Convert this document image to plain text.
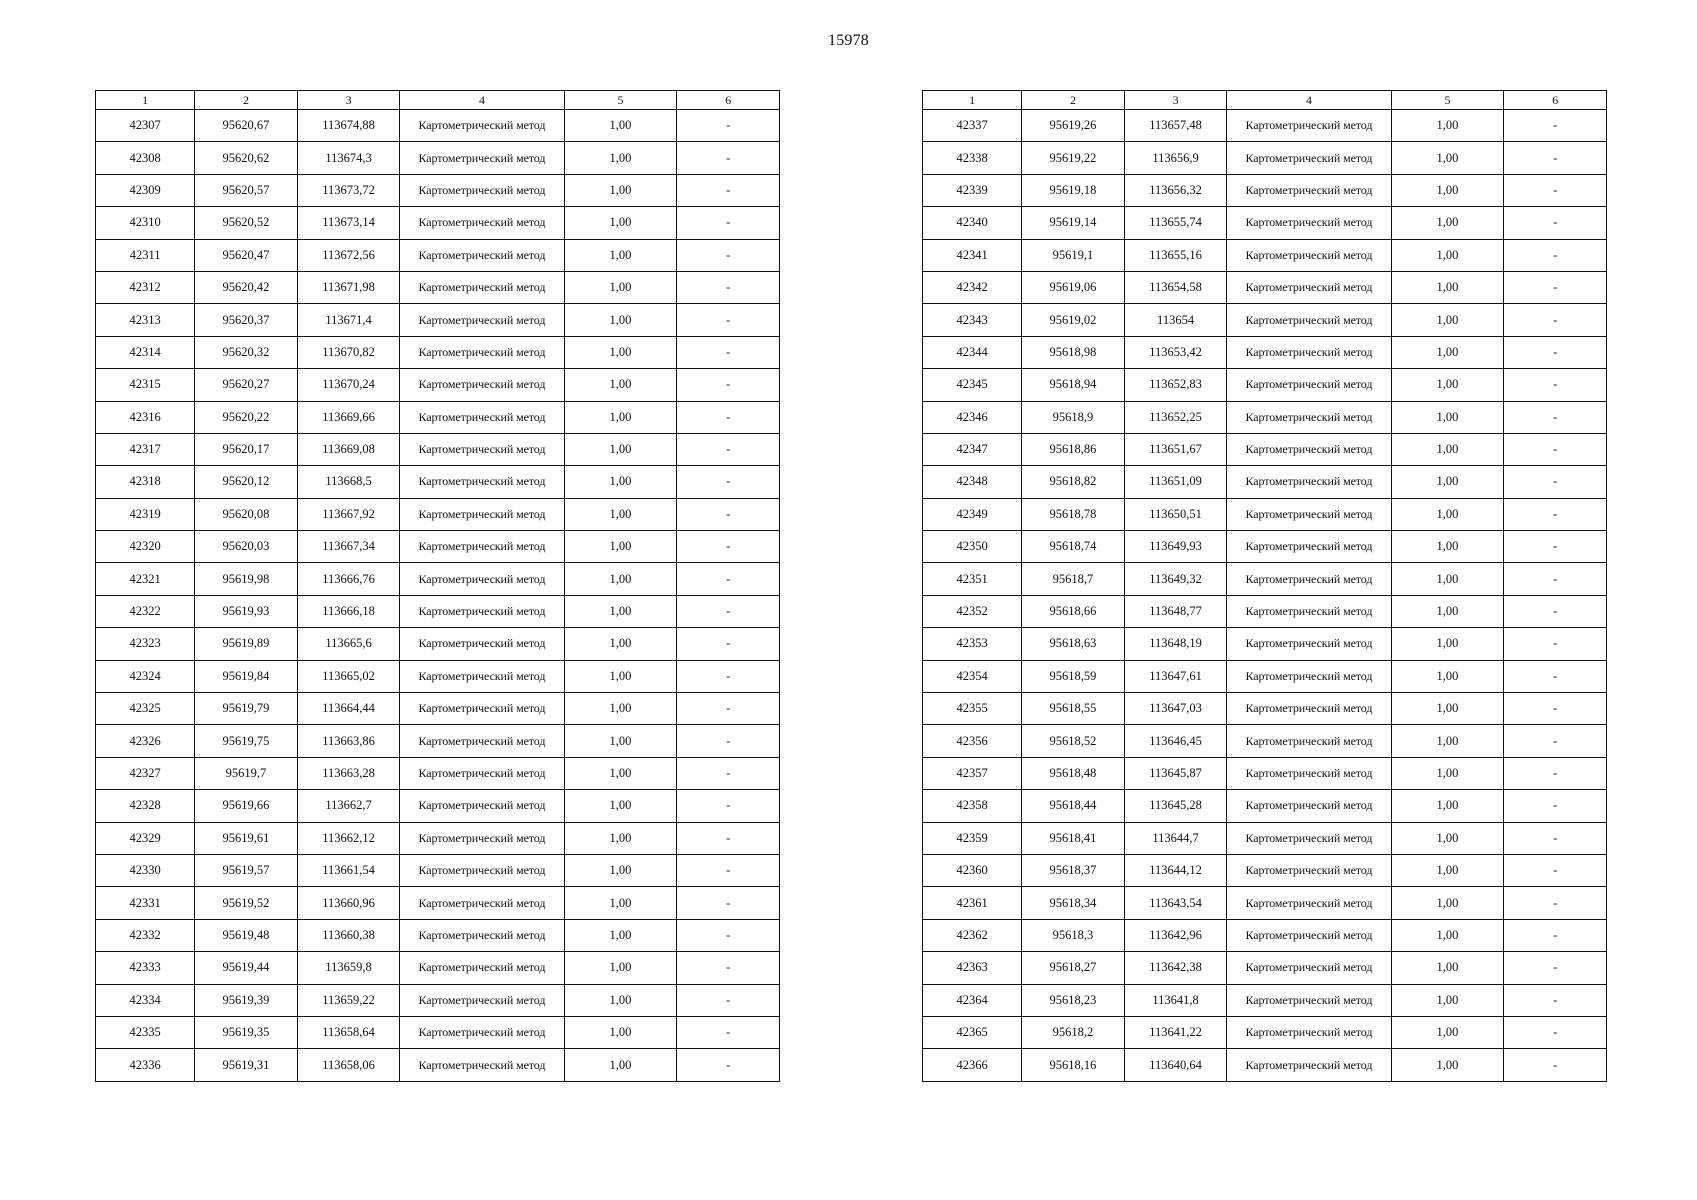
15978
1	2	3	4	5	6
42307	95620,67	113674,88	Картометрический метод	1,00	-
42308	95620,62	113674,3	Картометрический метод	1,00	-
42309	95620,57	113673,72	Картометрический метод	1,00	-
42310	95620,52	113673,14	Картометрический метод	1,00	-
42311	95620,47	113672,56	Картометрический метод	1,00	-
42312	95620,42	113671,98	Картометрический метод	1,00	-
42313	95620,37	113671,4	Картометрический метод	1,00	-
42314	95620,32	113670,82	Картометрический метод	1,00	-
42315	95620,27	113670,24	Картометрический метод	1,00	-
42316	95620,22	113669,66	Картометрический метод	1,00	-
42317	95620,17	113669,08	Картометрический метод	1,00	-
42318	95620,12	113668,5	Картометрический метод	1,00	-
42319	95620,08	113667,92	Картометрический метод	1,00	-
42320	95620,03	113667,34	Картометрический метод	1,00	-
42321	95619,98	113666,76	Картометрический метод	1,00	-
42322	95619,93	113666,18	Картометрический метод	1,00	-
42323	95619,89	113665,6	Картометрический метод	1,00	-
42324	95619,84	113665,02	Картометрический метод	1,00	-
42325	95619,79	113664,44	Картометрический метод	1,00	-
42326	95619,75	113663,86	Картометрический метод	1,00	-
42327	95619,7	113663,28	Картометрический метод	1,00	-
42328	95619,66	113662,7	Картометрический метод	1,00	-
42329	95619,61	113662,12	Картометрический метод	1,00	-
42330	95619,57	113661,54	Картометрический метод	1,00	-
42331	95619,52	113660,96	Картометрический метод	1,00	-
42332	95619,48	113660,38	Картометрический метод	1,00	-
42333	95619,44	113659,8	Картометрический метод	1,00	-
42334	95619,39	113659,22	Картометрический метод	1,00	-
42335	95619,35	113658,64	Картометрический метод	1,00	-
42336	95619,31	113658,06	Картометрический метод	1,00	-
1	2	3	4	5	6
42337	95619,26	113657,48	Картометрический метод	1,00	-
42338	95619,22	113656,9	Картометрический метод	1,00	-
42339	95619,18	113656,32	Картометрический метод	1,00	-
42340	95619,14	113655,74	Картометрический метод	1,00	-
42341	95619,1	113655,16	Картометрический метод	1,00	-
42342	95619,06	113654,58	Картометрический метод	1,00	-
42343	95619,02	113654	Картометрический метод	1,00	-
42344	95618,98	113653,42	Картометрический метод	1,00	-
42345	95618,94	113652,83	Картометрический метод	1,00	-
42346	95618,9	113652,25	Картометрический метод	1,00	-
42347	95618,86	113651,67	Картометрический метод	1,00	-
42348	95618,82	113651,09	Картометрический метод	1,00	-
42349	95618,78	113650,51	Картометрический метод	1,00	-
42350	95618,74	113649,93	Картометрический метод	1,00	-
42351	95618,7	113649,32	Картометрический метод	1,00	-
42352	95618,66	113648,77	Картометрический метод	1,00	-
42353	95618,63	113648,19	Картометрический метод	1,00	-
42354	95618,59	113647,61	Картометрический метод	1,00	-
42355	95618,55	113647,03	Картометрический метод	1,00	-
42356	95618,52	113646,45	Картометрический метод	1,00	-
42357	95618,48	113645,87	Картометрический метод	1,00	-
42358	95618,44	113645,28	Картометрический метод	1,00	-
42359	95618,41	113644,7	Картометрический метод	1,00	-
42360	95618,37	113644,12	Картометрический метод	1,00	-
42361	95618,34	113643,54	Картометрический метод	1,00	-
42362	95618,3	113642,96	Картометрический метод	1,00	-
42363	95618,27	113642,38	Картометрический метод	1,00	-
42364	95618,23	113641,8	Картометрический метод	1,00	-
42365	95618,2	113641,22	Картометрический метод	1,00	-
42366	95618,16	113640,64	Картометрический метод	1,00	-
